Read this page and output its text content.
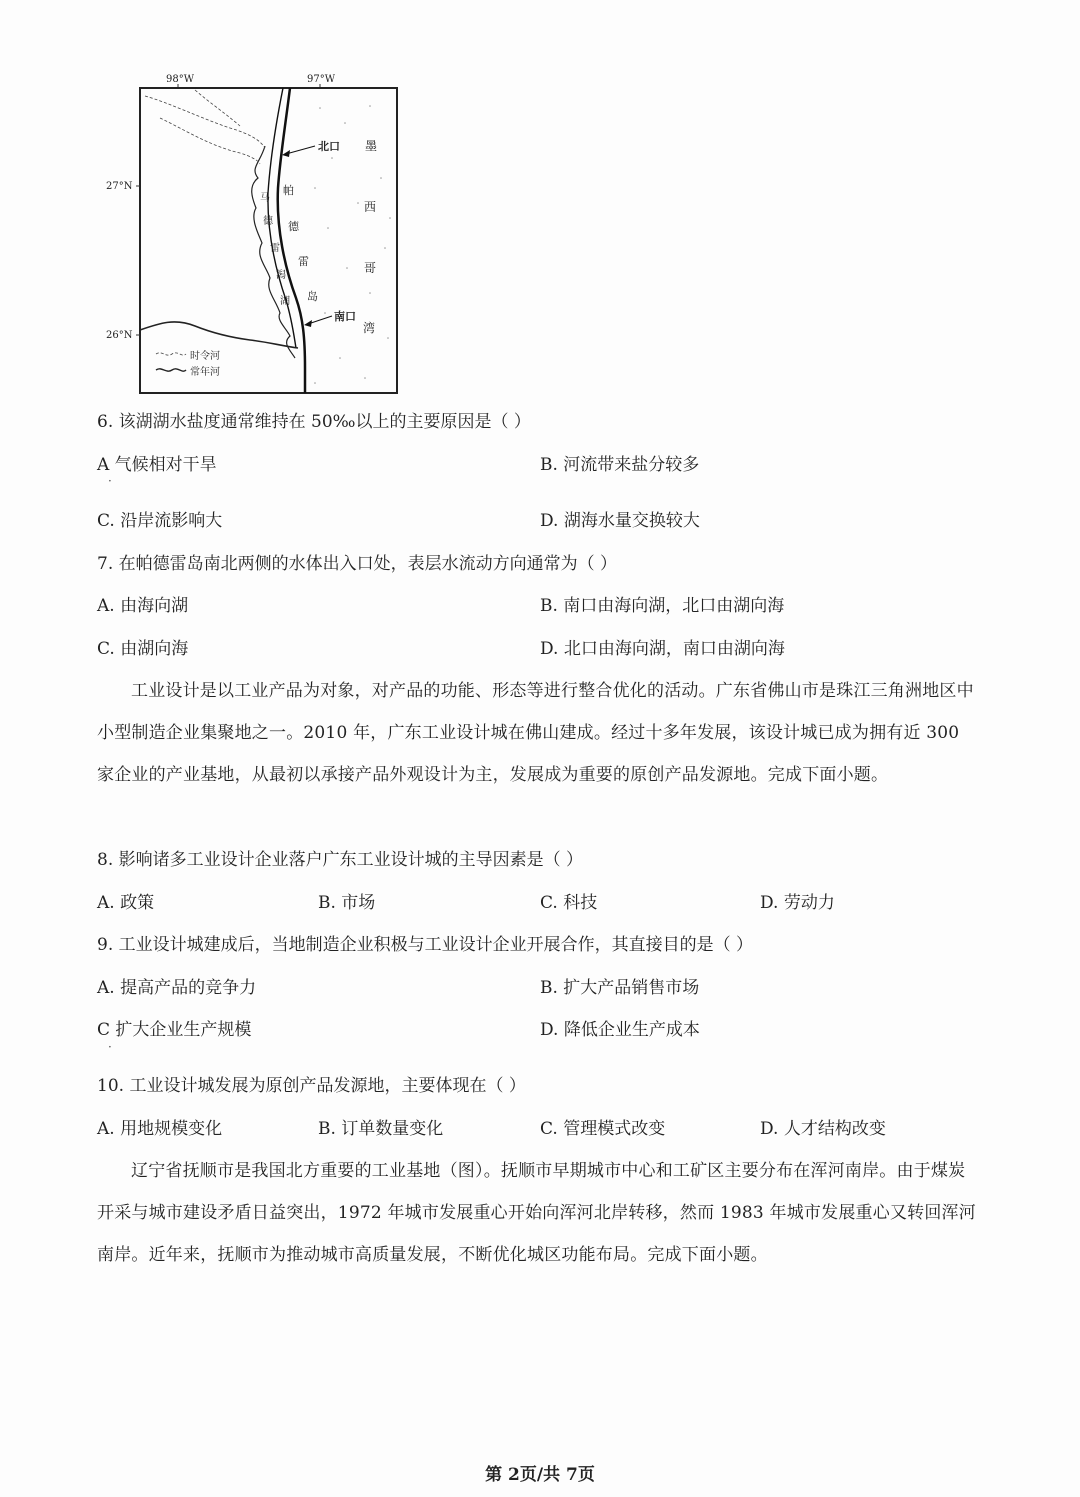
98°W	97°W
27°N
26°N
北口
南口
帕
德
雷
岛
马
德
雷
潟
湖
墨
西
哥
湾
时令河
常年河
6. 该湖湖水盐度通常维持在 50‰以上的主要原因是（ ）
A 气候相对干旱
·
B. 河流带来盐分较多
C. 沿岸流影响大	D. 湖海水量交换较大
7. 在帕德雷岛南北两侧的水体出入口处，表层水流动方向通常为（ ）
A. 由海向湖	B. 南口由海向湖，北口由湖向海
C. 由湖向海	D. 北口由海向湖，南口由湖向海
工业设计是以工业产品为对象，对产品的功能、形态等进行整合优化的活动。广东省佛山市是珠江三角洲地区中小型制造企业集聚地之一。2010 年，广东工业设计城在佛山建成。经过十多年发展，该设计城已成为拥有近 300 家企业的产业基地，从最初以承接产品外观设计为主，发展成为重要的原创产品发源地。完成下面小题。
8. 影响诸多工业设计企业落户广东工业设计城的主导因素是（ ）
A. 政策	B. 市场	C. 科技	D. 劳动力
9. 工业设计城建成后，当地制造企业积极与工业设计企业开展合作，其直接目的是（ ）
A. 提高产品的竞争力	B. 扩大产品销售市场
C 扩大企业生产规模
·
D. 降低企业生产成本
10. 工业设计城发展为原创产品发源地，主要体现在（ ）
A. 用地规模变化	B. 订单数量变化	C. 管理模式改变	D. 人才结构改变
辽宁省抚顺市是我国北方重要的工业基地（图）。抚顺市早期城市中心和工矿区主要分布在浑河南岸。由于煤炭开采与城市建设矛盾日益突出，1972 年城市发展重心开始向浑河北岸转移，然而 1983 年城市发展重心又转回浑河南岸。近年来，抚顺市为推动城市高质量发展，不断优化城区功能布局。完成下面小题。
第 2页/共 7页
